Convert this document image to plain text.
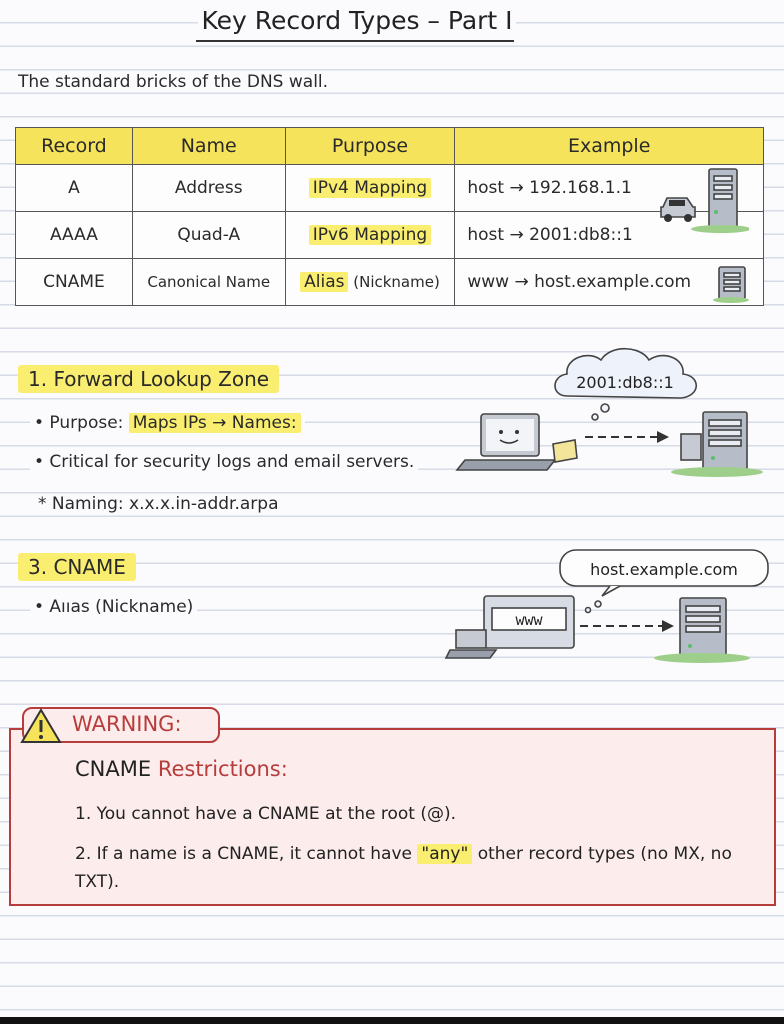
Key Record Types – Part I
The standard bricks of the DNS wall.
Record	Name	Purpose	Example
A	Address	IPv4 Mapping	host → 192.168.1.1

AAAA	Quad-A	IPv6 Mapping	host → 2001:db8::1
CNAME	Canonical Name	Alias (Nickname)	www → host.example.com
1. Forward Lookup Zone
• Purpose: Maps IPs → Names:
• Critical for security logs and email servers.
* Naming: x.x.x.in-addr.arpa
2001:db8::1
3. CNAME
• Aııas (Nickname)
host.example.com
www
WARNING:
CNAME Restrictions:
1. You cannot have a CNAME at the root (@).
2. If a name is a CNAME, it cannot have "any" other record types (no MX, no TXT).
